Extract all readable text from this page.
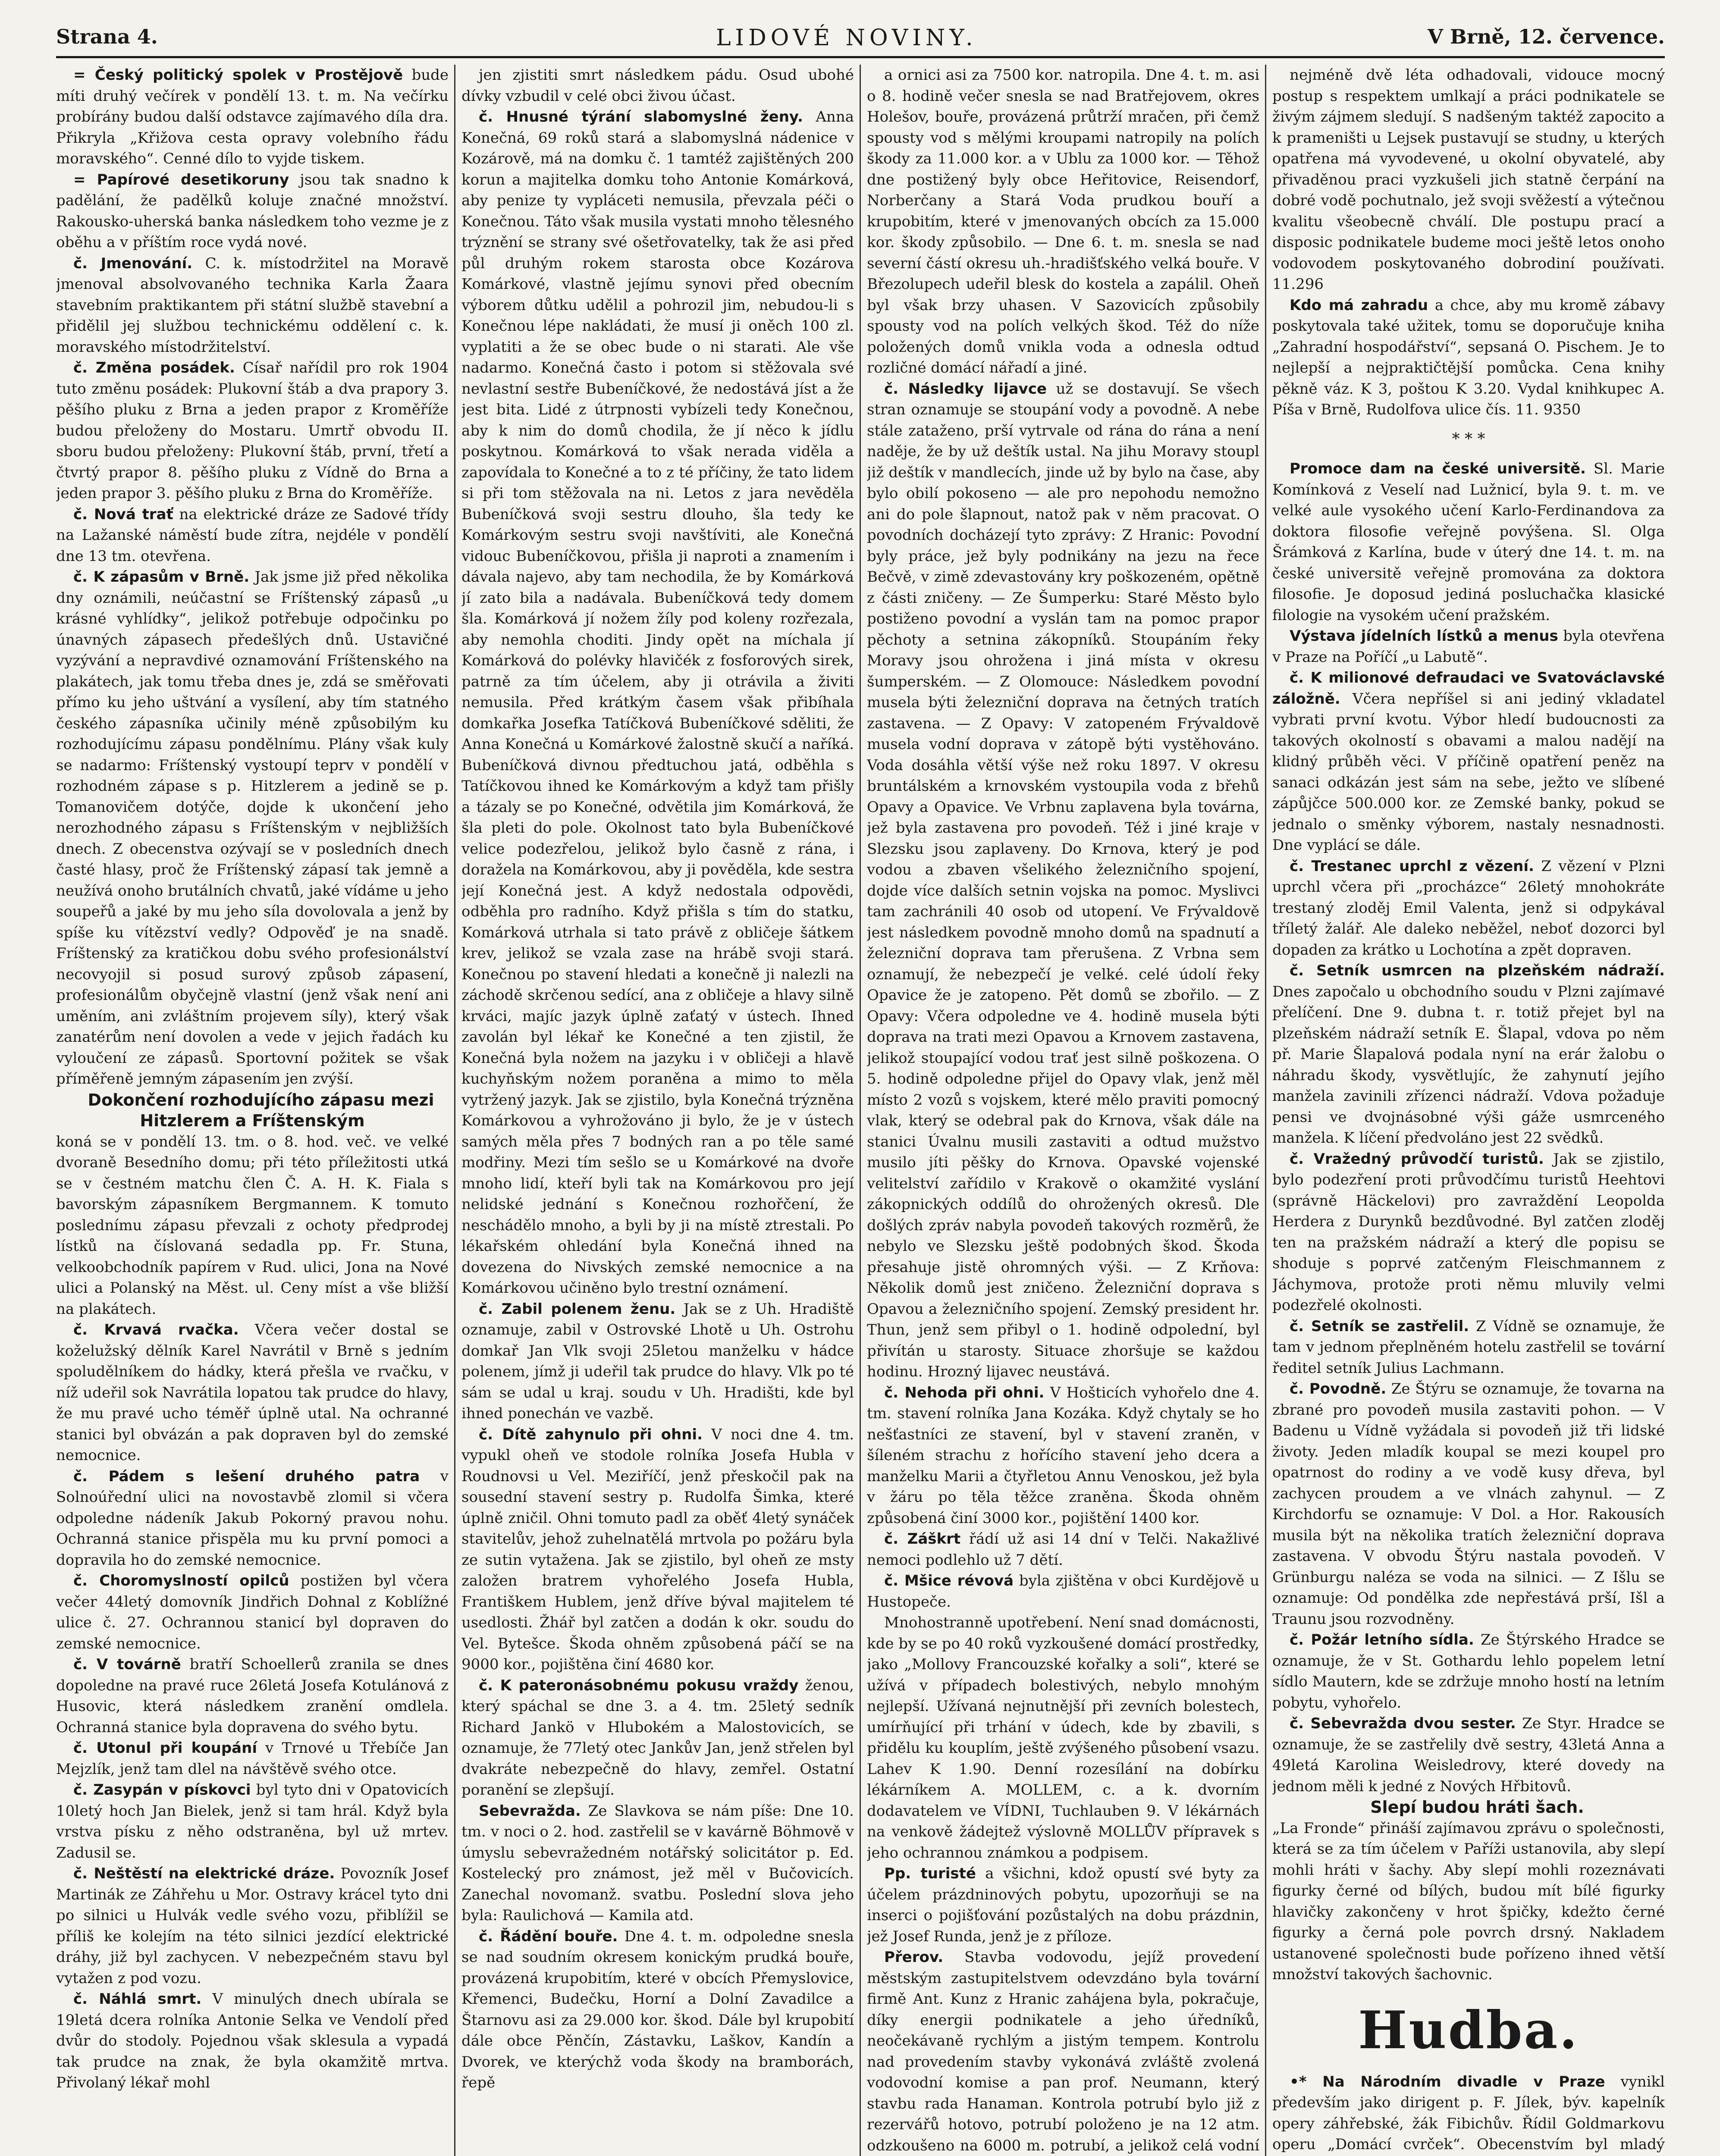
Strana 4.	LIDOVÉ NOVINY.	V Brně, 12. července.

= Český politický spolek v Prostějově bude míti druhý večírek v pondělí 13. t. m. Na večírku probírány budou další odstavce zajímavého díla dra. Přikryla „Křižova cesta opravy volebního řádu moravského“. Cenné dílo to vyjde tiskem.

= Papírové desetikoruny jsou tak snadno k padělání, že padělků koluje značné množství. Rakousko-uherská banka následkem toho vezme je z oběhu a v příštím roce vydá nové.

č. Jmenování. C. k. místodržitel na Moravě jmenoval absolvovaného technika Karla Žaara stavebním praktikantem při státní službě stavební a přidělil jej službou technickému oddělení c. k. moravského místodržitelství.

č. Změna posádek. Císař nařídil pro rok 1904 tuto změnu posádek: Plukovní štáb a dva prapory 3. pěšího pluku z Brna a jeden prapor z Kroměříže budou přeloženy do Mostaru. Umrtř obvodu II. sboru budou přeloženy: Plukovní štáb, první, třetí a čtvrtý prapor 8. pěšího pluku z Vídně do Brna a jeden prapor 3. pěšího pluku z Brna do Kroměříže.

č. Nová trať na elektrické dráze ze Sadové třídy na Lažanské náměstí bude zítra, nejdéle v pondělí dne 13 tm. otevřena.

č. K zápasům v Brně. Jak jsme již před několika dny oznámili, neúčastní se Fríštenský zápasů „u krásné vyhlídky“, jelikož potřebuje odpočinku po únavných zápasech předešlých dnů. Ustavičné vyzývání a nepravdivé oznamování Fríštenského na plakátech, jak tomu třeba dnes je, zdá se směřovati přímo ku jeho uštvání a vysílení, aby tím statného českého zápasníka učinily méně způsobilým ku rozhodujícímu zápasu pondělnímu. Plány však kuly se nadarmo: Fríštenský vystoupí teprv v pondělí v rozhodném zápase s p. Hitzlerem a jedině se p. Tomanovičem dotýče, dojde k ukončení jeho nerozhodného zápasu s Fríštenským v nejbližších dnech. Z obecenstva ozývají se v posledních dnech časté hlasy, proč že Fríštenský zápasí tak jemně a neužívá onoho brutálních chvatů, jaké vídáme u jeho soupeřů a jaké by mu jeho síla dovolovala a jenž by spíše ku vítězství vedly? Odpověď je na snadě. Fríštenský za kratičkou dobu svého profesionálství necovyojil si posud surový způsob zápasení, profesionálům obyčejně vlastní (jenž však není ani uměním, ani zvláštním projevem síly), který však zanatérům není dovolen a vede v jejich řadách ku vyloučení ze zápasů. Sportovní požitek se však příměřeně jemným zápasením jen zvýší.

Dokončení rozhodujícího zápasu mezi Hitzlerem a Fríštenským
koná se v pondělí 13. tm. o 8. hod. več. ve velké dvoraně Besedního domu; při této příležitosti utká se v čestném matchu člen Č. A. H. K. Fiala s bavorským zápasníkem Bergmannem. K tomuto poslednímu zápasu převzali z ochoty předprodej lístků na číslovaná sedadla pp. Fr. Stuna, velkoobchodník papírem v Rud. ulici, Jona na Nové ulici a Polanský na Měst. ul. Ceny míst a vše bližší na plakátech.

č. Krvavá rvačka. Včera večer dostal se koželužský dělník Karel Navrátil v Brně s jedním spoludělníkem do hádky, která přešla ve rvačku, v níž udeřil sok Navrátila lopatou tak prudce do hlavy, že mu pravé ucho téměř úplně utal. Na ochranné stanici byl obvázán a pak dopraven byl do zemské nemocnice.

č. Pádem s lešení druhého patra v Solnoúřední ulici na novostavbě zlomil si včera odpoledne nádeník Jakub Pokorný pravou nohu. Ochranná stanice přispěla mu ku první pomoci a dopravila ho do zemské nemocnice.

č. Choromyslností opilců postižen byl včera večer 44letý domovník Jindřich Dohnal z Koblížné ulice č. 27. Ochrannou stanicí byl dopraven do zemské nemocnice.

č. V továrně bratří Schoellerů zranila se dnes dopoledne na pravé ruce 26letá Josefa Kotulánová z Husovic, která následkem zranění omdlela. Ochranná stanice byla dopravena do svého bytu.

č. Utonul při koupání v Trnové u Třebíče Jan Mejzlík, jenž tam dlel na návštěvě svého otce.

č. Zasypán v pískovci byl tyto dni v Opatovicích 10letý hoch Jan Bielek, jenž si tam hrál. Když byla vrstva písku z něho odstraněna, byl už mrtev. Zadusil se.

č. Neštěstí na elektrické dráze. Povozník Josef Martinák ze Záhřehu u Mor. Ostravy krácel tyto dni po silnici u Hulvák vedle svého vozu, přiblížil se příliš ke kolejím na této silnici jezdící elektrické dráhy, již byl zachycen. V nebezpečném stavu byl vytažen z pod vozu.

č. Náhlá smrt. V minulých dnech ubírala se 19letá dcera rolníka Antonie Selka ve Vendolí před dvůr do stodoly. Pojednou však sklesula a vypadá tak prudce na znak, že byla okamžitě mrtva. Přivolaný lékař mohl

jen zjistiti smrt následkem pádu. Osud ubohé dívky vzbudil v celé obci živou účast.

č. Hnusné týrání slabomyslné ženy. Anna Konečná, 69 roků stará a slabomyslná nádenice v Kozárově, má na domku č. 1 tamtéž zajištěných 200 korun a majitelka domku toho Antonie Komárková, aby penize ty vypláceti nemusila, převzala péči o Konečnou. Táto však musila vystati mnoho tělesného trýznění se strany své ošetřovatelky, tak že asi před půl druhým rokem starosta obce Kozárova Komárkové, vlastně jejímu synovi před obecním výborem důtku udělil a pohrozil jim, nebudou-li s Konečnou lépe nakládati, že musí ji oněch 100 zl. vyplatiti a že se obec bude o ni starati. Ale vše nadarmo. Konečná často i potom si stěžovala své nevlastní sestře Bubeníčkové, že nedostává jíst a že jest bita. Lidé z útrpnosti vybízeli tedy Konečnou, aby k nim do domů chodila, že jí něco k jídlu poskytnou. Komárková to však nerada viděla a zapovídala to Konečné a to z té příčiny, že tato lidem si při tom stěžovala na ni. Letos z jara nevěděla Bubeníčková svoji sestru dlouho, šla tedy ke Komárkovým sestru svoji navštíviti, ale Konečná vidouc Bubeníčkovou, přišla ji naproti a znamením i dávala najevo, aby tam nechodila, že by Komárková jí zato bila a nadávala. Bubeníčková tedy domem šla. Komárková jí nožem žíly pod koleny rozřezala, aby nemohla choditi. Jindy opět na míchala jí Komárková do polévky hlavičék z fosforových sirek, patrně za tím účelem, aby ji otrávila a živiti nemusila. Před krátkým časem však přibíhala domkařka Josefka Tatíčková Bubeníčkové sděliti, že Anna Konečná u Komárkové žalostně skučí a naříká. Bubeníčková divnou předtuchou jatá, odběhla s Tatíčkovou ihned ke Komárkovým a když tam přišly a tázaly se po Konečné, odvětila jim Komárková, že šla pleti do pole. Okolnost tato byla Bubeníčkové velice podezřelou, jelikož bylo časně z rána, i doražela na Komárkovou, aby ji pověděla, kde sestra její Konečná jest. A když nedostala odpovědi, odběhla pro radního. Když přišla s tím do statku, Komárková utrhala si tato právě z obličeje šátkem krev, jelikož se vzala zase na hrábě svoji stará. Konečnou po stavení hledati a konečně ji nalezli na záchodě skrčenou sedící, ana z obličeje a hlavy silně krváci, majíc jazyk úplně zaťatý v ústech. Ihned zavolán byl lékař ke Konečné a ten zjistil, že Konečná byla nožem na jazyku i v obličeji a hlavě kuchyňským nožem poraněna a mimo to měla vytržený jazyk. Jak se zjistilo, byla Konečná trýzněna Komárkovou a vyhrožováno ji bylo, že je v ústech samých měla přes 7 bodných ran a po těle samé modřiny. Mezi tím sešlo se u Komárkové na dvoře mnoho lidí, kteří byli tak na Komárkovou pro její nelidské jednání s Konečnou rozhořčení, že neschádělo mnoho, a byli by ji na místě ztrestali. Po lékařském ohledání byla Konečná ihned na dovezena do Nivských zemské nemocnice a na Komárkovou učiněno bylo trestní oznámení.

č. Zabil polenem ženu. Jak se z Uh. Hradiště oznamuje, zabil v Ostrovské Lhotě u Uh. Ostrohu domkař Jan Vlk svoji 25letou manželku v hádce polenem, jímž ji udeřil tak prudce do hlavy. Vlk po té sám se udal u kraj. soudu v Uh. Hradišti, kde byl ihned ponechán ve vazbě.

č. Dítě zahynulo při ohni. V noci dne 4. tm. vypukl oheň ve stodole rolníka Josefa Hubla v Roudnovsi u Vel. Meziříčí, jenž přeskočil pak na sousední stavení sestry p. Rudolfa Šimka, které úplně zničil. Ohni tomuto padl za oběť 4letý synáček stavitelův, jehož zuhelnatělá mrtvola po požáru byla ze sutin vytažena. Jak se zjistilo, byl oheň ze msty založen bratrem vyhořelého Josefa Hubla, Františkem Hublem, jenž dříve býval majitelem té usedlosti. Žhář byl zatčen a dodán k okr. soudu do Vel. Bytešce. Škoda ohněm způsobená páčí se na 9000 kor., pojištěna činí 4680 kor.

č. K pateronásobnému pokusu vraždy ženou, který spáchal se dne 3. a 4. tm. 25letý sedník Richard Jankö v Hlubokém a Malostovicích, se oznamuje, že 77letý otec Jankův Jan, jenž střelen byl dvakráte nebezpečně do hlavy, zemřel. Ostatní poranění se zlepšují.

Sebevražda. Ze Slavkova se nám píše: Dne 10. tm. v noci o 2. hod. zastřelil se v kavárně Böhmově v úmyslu sebevražedném notářský solicitátor p. Ed. Kostelecký pro známost, jež měl v Bučovicích. Zanechal novomanž. svatbu. Poslední slova jeho byla: Raulichová — Kamila atd.

č. Řádění bouře. Dne 4. t. m. odpoledne snesla se nad soudním okresem konickým prudká bouře, provázená krupobitím, které v obcích Přemyslovice, Křemenci, Budečku, Horní a Dolní Zavadilce a Štarnovu asi za 29.000 kor. škod. Dále byl krupobití dále obce Pěnčín, Zástavku, Laškov, Kandín a Dvorek, ve kterýchž voda škody na bramborách, řepě

a ornici asi za 7500 kor. natropila. Dne 4. t. m. asi o 8. hodině večer snesla se nad Bratřejovem, okres Holešov, bouře, provázená průtrží mračen, při čemž spousty vod s mělými kroupami natropily na polích škody za 11.000 kor. a v Ublu za 1000 kor. — Těhož dne postižený byly obce Heřitovice, Reisendorf, Norberčany a Stará Voda prudkou bouří a krupobitím, které v jmenovaných obcích za 15.000 kor. škody způsobilo. — Dne 6. t. m. snesla se nad severní částí okresu uh.-hradišťského velká bouře. V Březolupech udeřil blesk do kostela a zapálil. Oheň byl však brzy uhasen. V Sazovicích způsobily spousty vod na polích velkých škod. Též do níže položených domů vnikla voda a odnesla odtud rozličné domácí nářadí a jiné.

č. Následky lijavce už se dostavují. Se všech stran oznamuje se stoupání vody a povodně. A nebe stále zataženo, prší vytrvale od rána do rána a není naděje, že by už deštík ustal. Na jihu Moravy stoupl již deštík v mandlecích, jinde už by bylo na čase, aby bylo obilí pokoseno — ale pro nepohodu nemožno ani do pole šlapnout, natož pak v něm pracovat. O povodních docházejí tyto zprávy: Z Hranic: Povodní byly práce, jež byly podnikány na jezu na řece Bečvě, v zimě zdevastovány kry poškozeném, opětně z části zničeny. — Ze Šumperku: Staré Město bylo postiženo povodní a vyslán tam na pomoc prapor pěchoty a setnina zákopníků. Stoupáním řeky Moravy jsou ohrožena i jiná místa v okresu šumperském. — Z Olomouce: Následkem povodní musela býti železniční doprava na četných tratích zastavena. — Z Opavy: V zatopeném Frývaldově musela vodní doprava v zátopě býti vystěhováno. Voda dosáhla větší výše než roku 1897. V okresu bruntálském a krnovském vystoupila voda z břehů Opavy a Opavice. Ve Vrbnu zaplavena byla továrna, jež byla zastavena pro povodeň. Též i jiné kraje v Slezsku jsou zaplaveny. Do Krnova, který je pod vodou a zbaven všelikého železničního spojení, dojde více dalších setnin vojska na pomoc. Myslivci tam zachránili 40 osob od utopení. Ve Frývaldově jest následkem povodně mnoho domů na spadnutí a železniční doprava tam přerušena. Z Vrbna sem oznamují, že nebezpečí je velké. celé údolí řeky Opavice že je zatopeno. Pět domů se zbořilo. — Z Opavy: Včera odpoledne ve 4. hodině musela býti doprava na trati mezi Opavou a Krnovem zastavena, jelikož stoupající vodou trať jest silně poškozena. O 5. hodině odpoledne přijel do Opavy vlak, jenž měl místo 2 vozů s vojskem, které mělo praviti pomocný vlak, který se odebral pak do Krnova, však dále na stanici Úvalnu musili zastaviti a odtud mužstvo musilo jíti pěšky do Krnova. Opavské vojenské velitelství zařídilo v Krakově o okamžité vyslání zákopnických oddílů do ohrožených okresů. Dle došlých zpráv nabyla povodeň takových rozměrů, že nebylo ve Slezsku ještě podobných škod. Škoda přesahuje jistě ohromných výši. — Z Krňova: Několik domů jest zničeno. Železniční doprava s Opavou a železničního spojení. Zemský president hr. Thun, jenž sem přibyl o 1. hodině odpolední, byl přivítán u starosty. Situace zhoršuje se každou hodinu. Hrozný lijavec neustává.

č. Nehoda při ohni. V Hošticích vyhořelo dne 4. tm. stavení rolníka Jana Kozáka. Když chytaly se ho nešťastníci ze stavení, byl v stavení zraněn, v šíleném strachu z hořícího stavení jeho dcera a manželku Marii a čtyřletou Annu Venoskou, jež byla v žáru po těla těžce zraněna. Škoda ohněm způsobená činí 3000 kor., pojištění 1400 kor.

č. Záškrt řádí už asi 14 dní v Telči. Nakažlivé nemoci podlehlo už 7 dětí.

č. Mšice révová byla zjištěna v obci Kurdějově u Hustopeče.

Mnohostranně upotřebení. Není snad domácnosti, kde by se po 40 roků vyzkoušené domácí prostředky, jako „Mollovy Francouzské kořalky a soli“, které se užívá v případech bolestivých, nebylo mnohým nejlepší. Užívaná nejnutnější při zevních bolestech, umírňující při trhání v údech, kde by zbavili, s přidělu ku kouplím, ještě zvýšeného působení vsazu. Lahev K 1.90. Denní rozesílání na dobírku lékárníkem A. MOLLEM, c. a k. dvorním dodavatelem ve VÍDNI, Tuchlauben 9. V lékárnách na venkově žádejtež výslovně MOLLŮV přípravek s jeho ochrannou známkou a podpisem.

Pp. turisté a všichni, kdož opustí své byty za účelem prázdninových pobytu, upozorňuji se na inserci o pojišťování pozůstalých na dobu prázdnin, jež Josef Runda, jenž je z příloze.

Přerov. Stavba vodovodu, jejíž provedení městským zastupitelstvem odevzdáno byla tovární firmě Ant. Kunz z Hranic zahájena byla, pokračuje, díky energii podnikatele a jeho úředníků, neočekávaně rychlým a jistým tempem. Kontrolu nad provedením stavby vykonává zvláště zvolená vodovodní komise a pan prof. Neumann, který stavbu rada Hanaman. Kontrola potrubí bylo již z rezervářů hotovo, potrubí položeno je na 12 atm. odzkoušeno na 6000 m. potrubí, a jelikož celá vodní

nejméně dvě léta odhadovali, vidouce mocný postup s respektem umlkají a práci podnikatele se živým zájmem sledují. S nadšeným taktéž zapocito a k prameništi u Lejsek pustavují se studny, u kterých opatřena má vyvodevené, u okolní obyvatelé, aby přivaděnou praci vyzkušeli jich statně čerpání na dobré vodě pochutnalo, jež svoji svěžestí a výtečnou kvalitu všeobecně chválí. Dle postupu prací a disposic podnikatele budeme moci ještě letos onoho vodovodem poskytovaného dobrodiní používati. 11.296

Kdo má zahradu a chce, aby mu kromě zábavy poskytovala také užitek, tomu se doporučuje kniha „Zahradní hospodářství“, sepsaná O. Pischem. Je to nejlepší a nejpraktičtější pomůcka. Cena knihy pěkně váz. K 3, poštou K 3.20. Vydal knihkupec A. Píša v Brně, Rudolfova ulice čís. 11. 9350

* * *

Promoce dam na české universitě. Sl. Marie Komínková z Veselí nad Lužnicí, byla 9. t. m. ve velké aule vysokého učení Karlo-Ferdinandova za doktora filosofie veřejně povýšena. Sl. Olga Šrámková z Karlína, bude v úterý dne 14. t. m. na české universitě veřejně promována za doktora filosofie. Je doposud jediná posluchačka klasické filologie na vysokém učení pražském.

Výstava jídelních lístků a menus byla otevřena v Praze na Poříčí „u Labutě“.

č. K milionové defraudaci ve Svatováclavské záložně. Včera nepříšel si ani jediný vkladatel vybrati první kvotu. Výbor hledí budoucnosti za takových okolností s obavami a malou nadějí na klidný průběh věci. V příčině opatření peněz na sanaci odkázán jest sám na sebe, ježto ve slíbené zápůjčce 500.000 kor. ze Zemské banky, pokud se jednalo o směnky výborem, nastaly nesnadnosti. Dne vyplácí se dále.

č. Trestanec uprchl z vězení. Z vězení v Plzni uprchl včera při „procházce“ 26letý mnohokráte trestaný zloděj Emil Valenta, jenž si odpykával tříletý žalář. Ale daleko neběžel, neboť dozorci byl dopaden za krátko u Lochotína a zpět dopraven.

č. Setník usmrcen na plzeňském nádraží. Dnes započalo u obchodního soudu v Plzni zajímavé přelíčení. Dne 9. dubna t. r. totiž přejet byl na plzeňském nádraží setník E. Šlapal, vdova po něm př. Marie Šlapalová podala nyní na erár žalobu o náhradu škody, vysvětlujíc, že zahynutí jejího manžela zavinili zřízenci nádraží. Vdova požaduje pensi ve dvojnásobné výši gáže usmrceného manžela. K líčení předvoláno jest 22 svědků.

č. Vražedný průvodčí turistů. Jak se zjistilo, bylo podezření proti průvodčímu turistů Heehtovi (správně Häckelovi) pro zavraždění Leopolda Herdera z Durynků bezdůvodné. Byl zatčen zloděj ten na pražském nádraží a který dle popisu se shoduje s poprvé zatčeným Fleischmannem z Jáchymova, protože proti němu mluvily velmi podezřelé okolnosti.

č. Setník se zastřelil. Z Vídně se oznamuje, že tam v jednom přeplněném hotelu zastřelil se tovární ředitel setník Julius Lachmann.

č. Povodně. Ze Štýru se oznamuje, že tovarna na zbrané pro povodeň musila zastaviti pohon. — V Badenu u Vídně vyžádala si povodeň již tři lidské životy. Jeden mladík koupal se mezi koupel pro opatrnost do rodiny a ve vodě kusy dřeva, byl zachycen proudem a ve vlnách zahynul. — Z Kirchdorfu se oznamuje: V Dol. a Hor. Rakousích musila být na několika tratích železniční doprava zastavena. V obvodu Štýru nastala povodeň. V Grünburgu naléza se voda na silnici. — Z Išlu se oznamuje: Od pondělka zde nepřestává prší, Išl a Traunu jsou rozvodněny.

č. Požár letního sídla. Ze Štýrského Hradce se oznamuje, že v St. Gothardu lehlo popelem letní sídlo Mautern, kde se zdržuje mnoho hostí na letním pobytu, vyhořelo.

č. Sebevražda dvou sester. Ze Styr. Hradce se oznamuje, že se zastřelily dvě sestry, 43letá Anna a 49letá Karolina Weisledrovy, které dovedy na jednom měli k jedné z Nových Hřbitovů.

Slepí budou hráti šach.
„La Fronde“ přináší zajímavou zprávu o společnosti, která se za tím účelem v Paříži ustanovila, aby slepí mohli hráti v šachy. Aby slepí mohli rozeznávati figurky černé od bílých, budou mít bílé figurky hlavičky zakončeny v hrot špičky, kdežto černé figurky a černá pole povrch drsný. Nakladem ustanovené společnosti bude pořízeno ihned větší množství takových šachovnic.

Hudba.

•* Na Národním divadle v Praze vynikl především jako dirigent p. F. Jílek, býv. kapelník opery záhřebské, žák Fibichův. Řídil Goldmarkovu operu „Domácí cvrček“. Obecenstvím byl mladý
